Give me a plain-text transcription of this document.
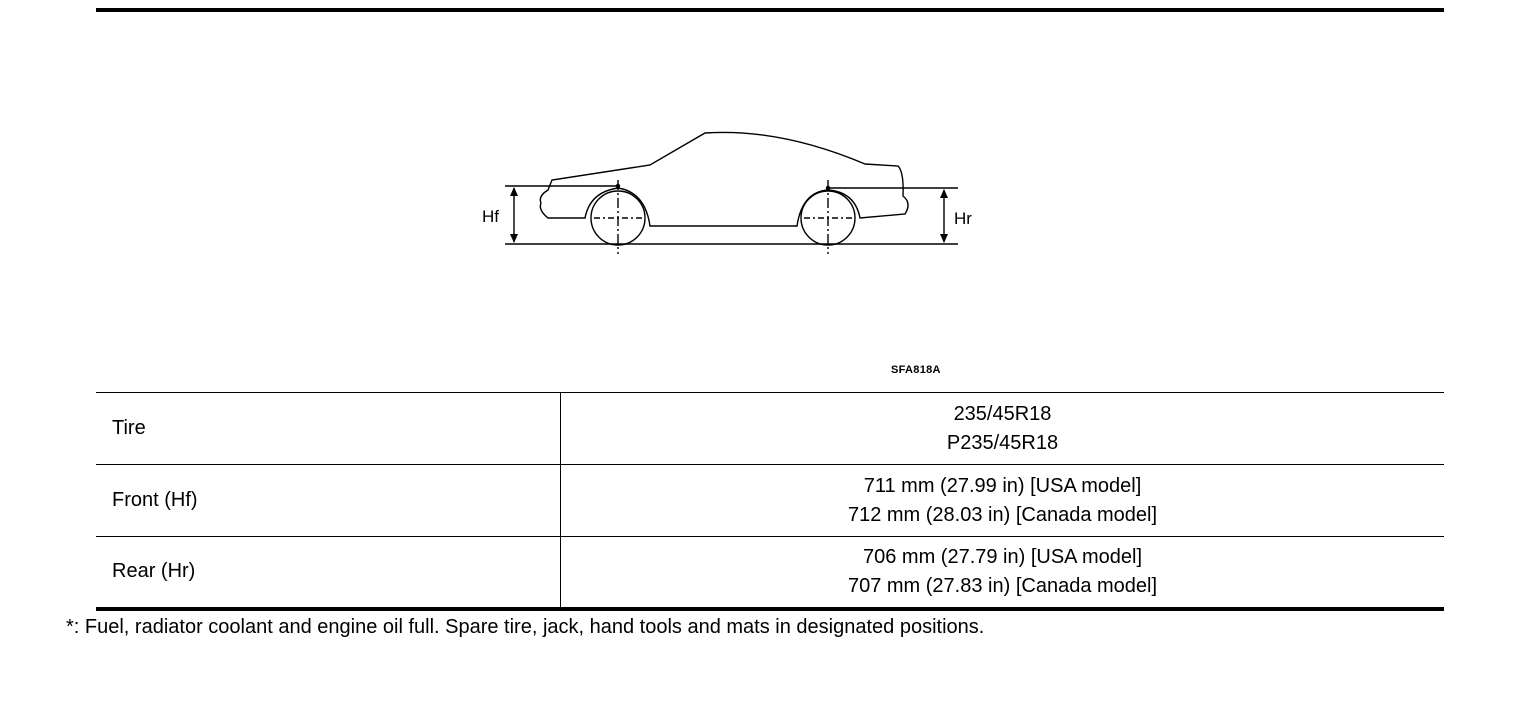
Hf	Hr
SFA818A
Tire	235/45R18
P235/45R18

Front (Hf)	711 mm (27.99 in) [USA model]
712 mm (28.03 in) [Canada model]

Rear (Hr)	706 mm (27.79 in) [USA model]
707 mm (27.83 in) [Canada model]
*: Fuel, radiator coolant and engine oil full. Spare tire, jack, hand tools and mats in designated positions.
